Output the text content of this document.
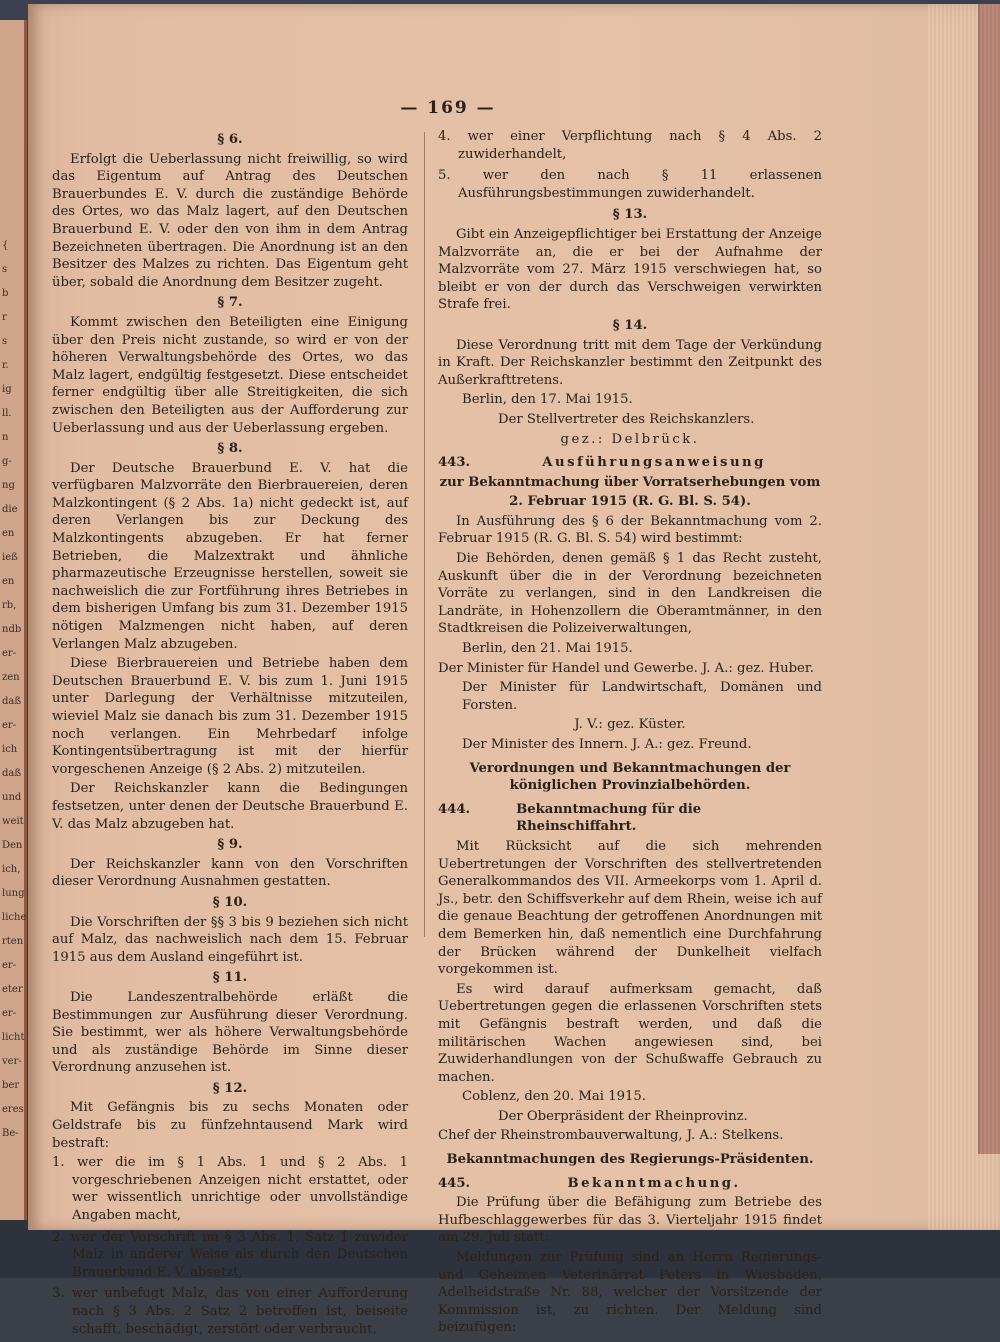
{
s
b
r
s
r.
ig
ll.
n
g-
ng
die
en
ieß
en
rb,
ndb
er-
zen
daß
er-
ich
daß
und
weit
Den
ich,
lung
liche
rten
er-
eter
er-
licht
ver-
ber
eres
Be-
— 169 —
§ 6.

Erfolgt die Ueberlassung nicht freiwillig, so wird das Eigentum auf Antrag des Deutschen Brauerbundes E. V. durch die zuständige Behörde des Ortes, wo das Malz lagert, auf den Deutschen Brauerbund E. V. oder den von ihm in dem Antrag Bezeichneten übertragen. Die Anordnung ist an den Besitzer des Malzes zu richten. Das Eigentum geht über, sobald die Anordnung dem Besitzer zugeht.

§ 7.

Kommt zwischen den Beteiligten eine Einigung über den Preis nicht zustande, so wird er von der höheren Verwaltungsbehörde des Ortes, wo das Malz lagert, endgültig festgesetzt. Diese entscheidet ferner endgültig über alle Streitigkeiten, die sich zwischen den Beteiligten aus der Aufforderung zur Ueberlassung und aus der Ueberlassung ergeben.

§ 8.

Der Deutsche Brauerbund E. V. hat die verfügbaren Malzvorräte den Bierbrauereien, deren Malzkontingent (§ 2 Abs. 1a) nicht gedeckt ist, auf deren Verlangen bis zur Deckung des Malzkontingents abzugeben. Er hat ferner Betrieben, die Malzextrakt und ähnliche pharmazeutische Erzeugnisse herstellen, soweit sie nachweislich die zur Fortführung ihres Betriebes in dem bisherigen Umfang bis zum 31. Dezember 1915 nötigen Malzmengen nicht haben, auf deren Verlangen Malz abzugeben.

Diese Bierbrauereien und Betriebe haben dem Deutschen Brauerbund E. V. bis zum 1. Juni 1915 unter Darlegung der Verhältnisse mitzuteilen, wieviel Malz sie danach bis zum 31. Dezember 1915 noch verlangen. Ein Mehrbedarf infolge Kontingentsübertragung ist mit der hierfür vorgeschenen Anzeige (§ 2 Abs. 2) mitzuteilen.

Der Reichskanzler kann die Bedingungen festsetzen, unter denen der Deutsche Brauerbund E. V. das Malz abzugeben hat.

§ 9.

Der Reichskanzler kann von den Vorschriften dieser Verordnung Ausnahmen gestatten.

§ 10.

Die Vorschriften der §§ 3 bis 9 beziehen sich nicht auf Malz, das nachweislich nach dem 15. Februar 1915 aus dem Ausland eingeführt ist.

§ 11.

Die Landeszentralbehörde erläßt die Bestimmungen zur Ausführung dieser Verordnung. Sie bestimmt, wer als höhere Verwaltungsbehörde und als zuständige Behörde im Sinne dieser Verordnung anzusehen ist.

§ 12.

Mit Gefängnis bis zu sechs Monaten oder Geldstrafe bis zu fünfzehntausend Mark wird bestraft:

1. wer die im § 1 Abs. 1 und § 2 Abs. 1 vorgeschriebenen Anzeigen nicht erstattet, oder wer wissentlich unrichtige oder unvollständige Angaben macht,

2. wer der Vorschrift im § 3 Abs. 1, Satz 1 zuwider Malz in anderer Weise als durch den Deutschen Brauerbund E. V. absetzt,

3. wer unbefugt Malz, das von einer Aufforderung nach § 3 Abs. 2 Satz 2 betroffen ist, beiseite schafft, beschädigt, zerstört oder verbraucht,

4. wer einer Verpflichtung nach § 4 Abs. 2 zuwiderhandelt,

5. wer den nach § 11 erlassenen Ausführungsbestimmungen zuwiderhandelt.

§ 13.

Gibt ein Anzeigepflichtiger bei Erstattung der Anzeige Malzvorräte an, die er bei der Aufnahme der Malzvorräte vom 27. März 1915 verschwiegen hat, so bleibt er von der durch das Verschweigen verwirkten Strafe frei.

§ 14.

Diese Verordnung tritt mit dem Tage der Verkündung in Kraft. Der Reichskanzler bestimmt den Zeitpunkt des Außerkrafttretens.

Berlin, den 17. Mai 1915.

Der Stellvertreter des Reichskanzlers.

gez.: Delbrück.

443.	Ausführungsanweisung

zur Bekanntmachung über Vorratserhebungen vom

2. Februar 1915 (R. G. Bl. S. 54).

In Ausführung des § 6 der Bekanntmachung vom 2. Februar 1915 (R. G. Bl. S. 54) wird bestimmt:

Die Behörden, denen gemäß § 1 das Recht zusteht, Auskunft über die in der Verordnung bezeichneten Vorräte zu verlangen, sind in den Landkreisen die Landräte, in Hohenzollern die Oberamtmänner, in den Stadtkreisen die Polizeiverwaltungen,

Berlin, den 21. Mai 1915.

Der Minister für Handel und Gewerbe. J. A.: gez. Huber.

Der Minister für Landwirtschaft, Domänen und Forsten.

J. V.: gez. Küster.

Der Minister des Innern. J. A.: gez. Freund.

Verordnungen und Bekanntmachungen der königlichen Provinzialbehörden.
444.	Bekanntmachung für die Rheinschiffahrt.

Mit Rücksicht auf die sich mehrenden Uebertretungen der Vorschriften des stellvertretenden Generalkommandos des VII. Armeekorps vom 1. April d. Js., betr. den Schiffsverkehr auf dem Rhein, weise ich auf die genaue Beachtung der getroffenen Anordnungen mit dem Bemerken hin, daß nementlich eine Durchfahrung der Brücken während der Dunkelheit vielfach vorgekommen ist.

Es wird darauf aufmerksam gemacht, daß Uebertretungen gegen die erlassenen Vorschriften stets mit Gefängnis bestraft werden, und daß die militärischen Wachen angewiesen sind, bei Zuwiderhandlungen von der Schußwaffe Gebrauch zu machen.

Coblenz, den 20. Mai 1915.

Der Oberpräsident der Rheinprovinz.

Chef der Rheinstrombauverwaltung, J. A.: Stelkens.

Bekanntmachungen des Regierungs-Präsidenten.
445.	Bekanntmachung.

Die Prüfung über die Befähigung zum Betriebe des Hufbeschlaggewerbes für das 3. Vierteljahr 1915 findet am 29. Juli statt:

Meldungen zur Prüfung sind an Herrn Regierungs- und Geheimen Veterinärrat Peters in Wiesbaden, Adelheidstraße Nr. 88, welcher der Vorsitzende der Kommission ist, zu richten. Der Meldung sind beizufügen:
